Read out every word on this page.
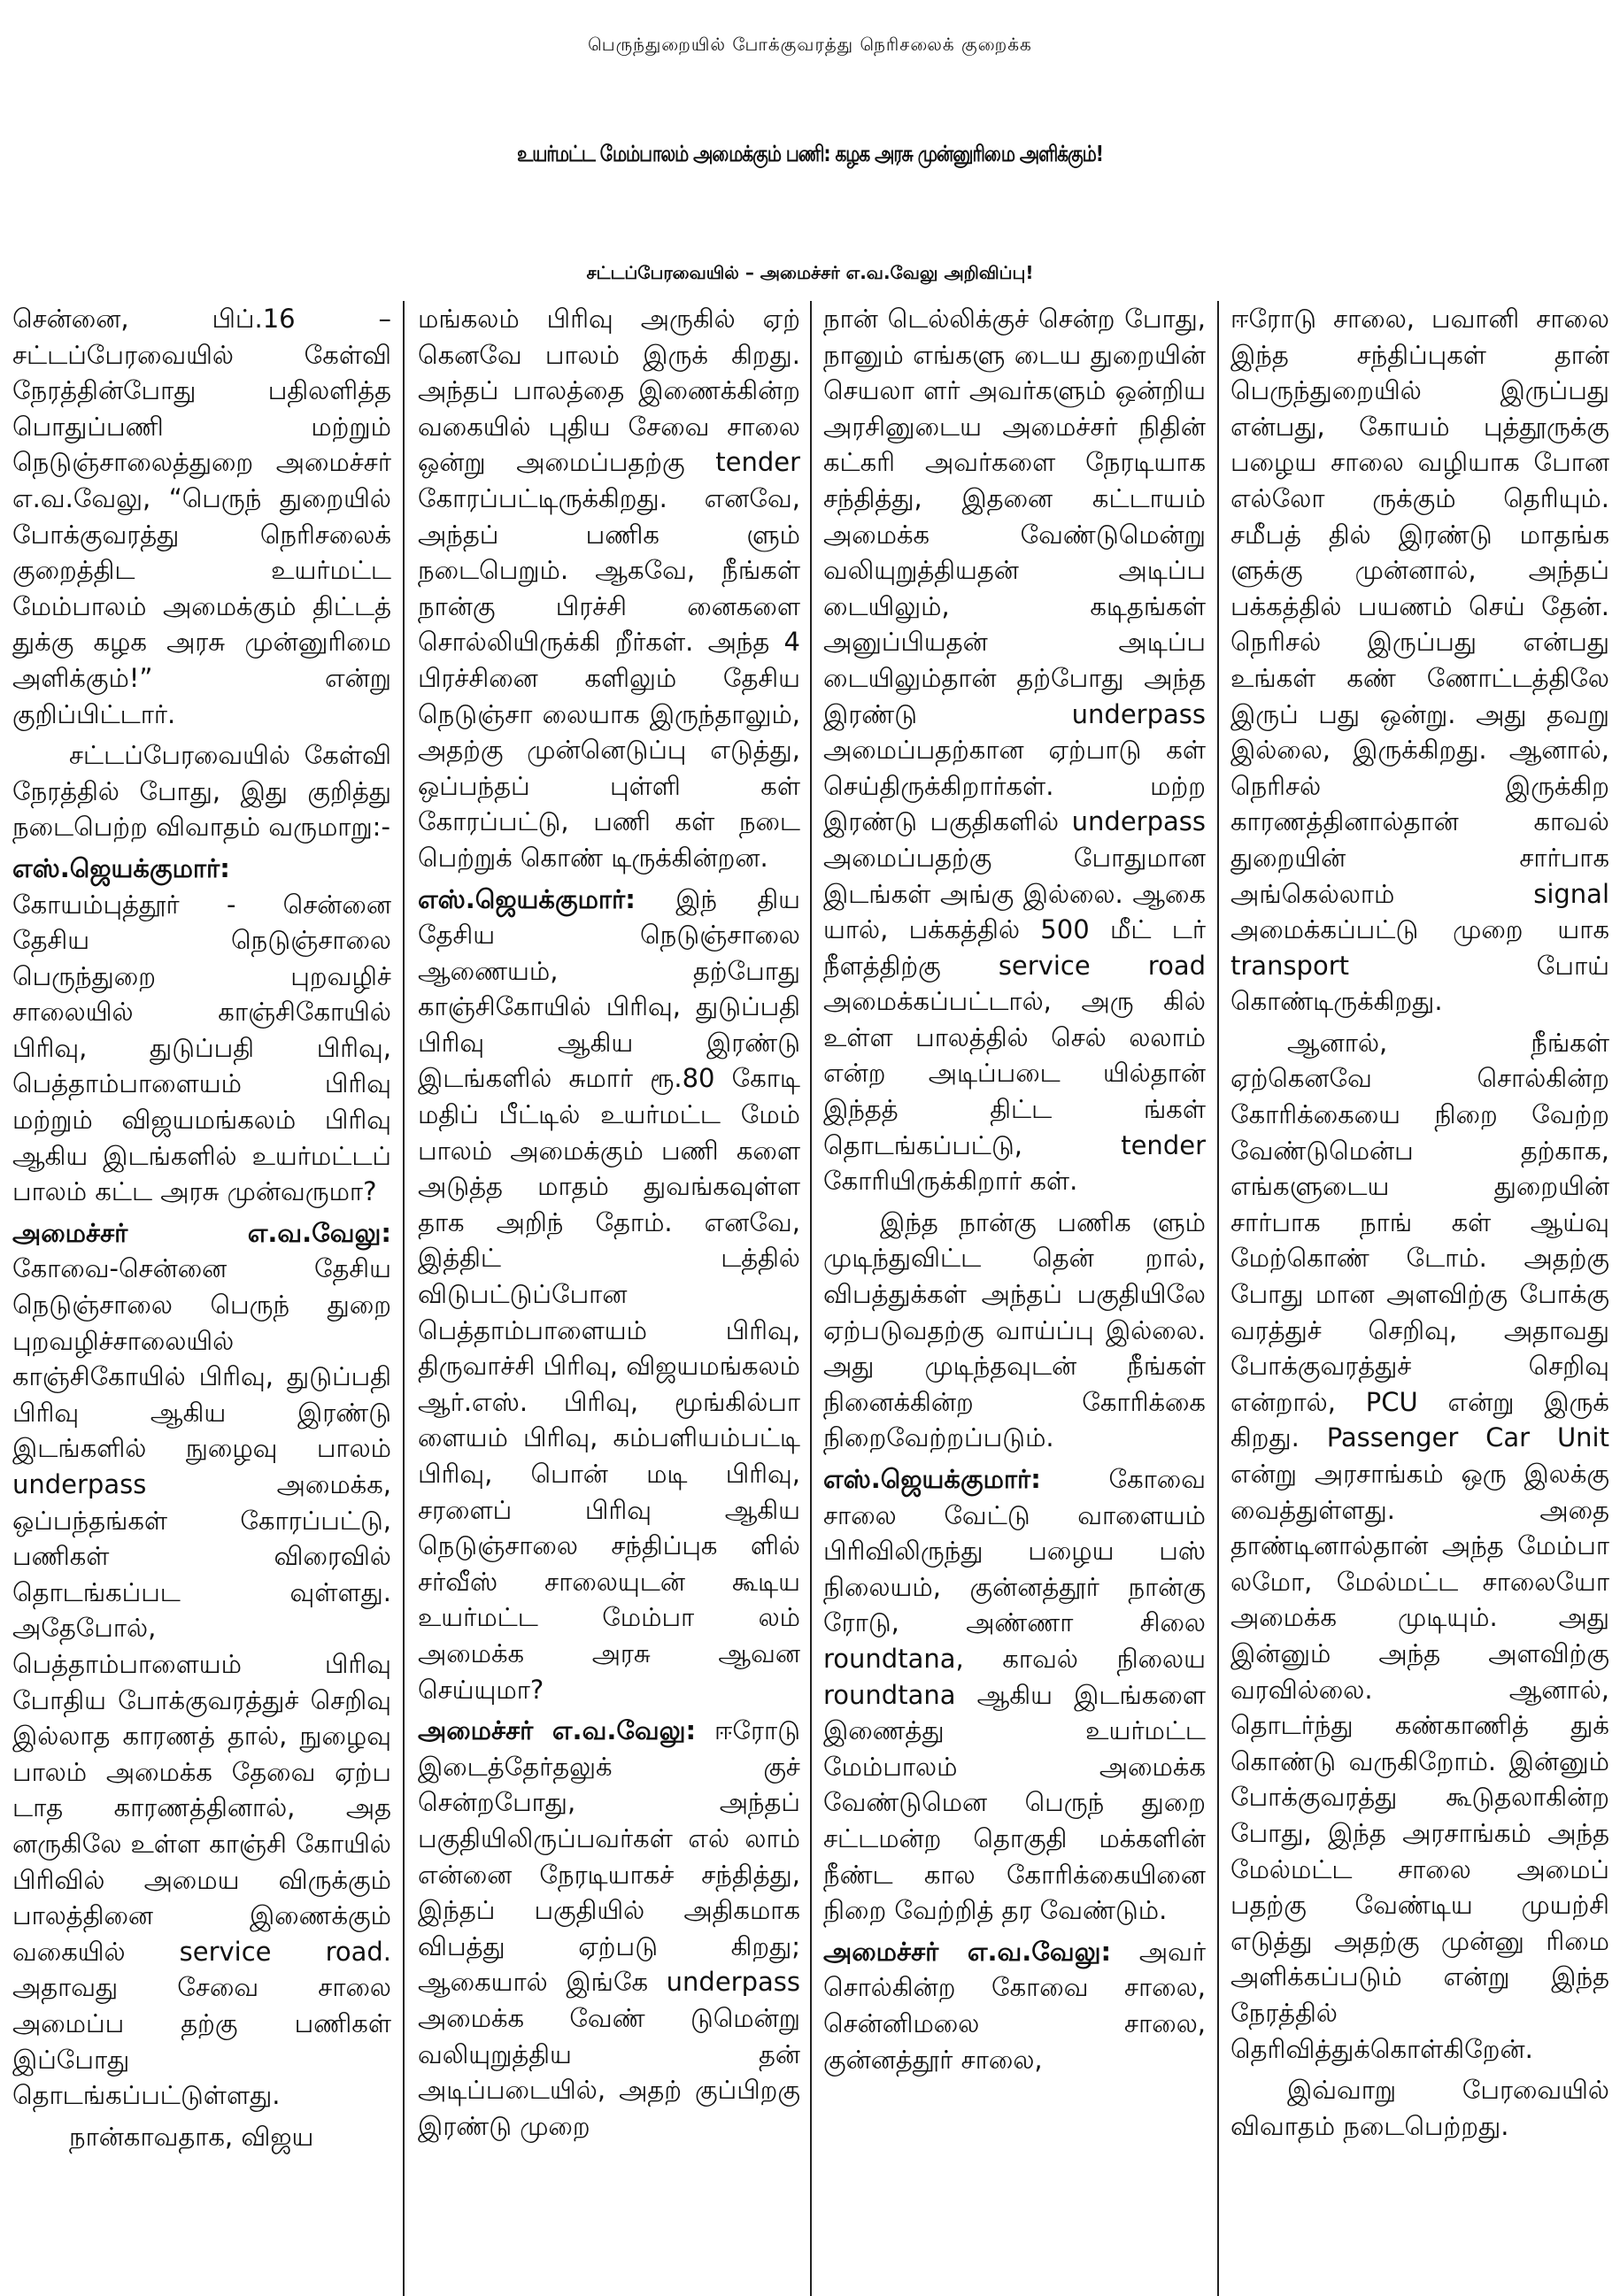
பெருந்துறையில் போக்குவரத்து நெரிசலைக் குறைக்க
உயர்மட்ட மேம்பாலம் அமைக்கும் பணி: கழக அரசு முன்னுரிமை அளிக்கும்!
சட்டப்பேரவையில் – அமைச்சர் எ.வ.வேலு அறிவிப்பு!

சென்னை, பிப்.16 – சட்டப்பேரவையில் கேள்வி நேரத்தின்போது பதிலளித்த பொதுப்பணி மற்றும் நெடுஞ்சாலைத்துறை அமைச்சர் எ.வ.வேலு, “பெருந் துறையில் போக்குவரத்து நெரிசலைக் குறைத்திட உயர்மட்ட மேம்பாலம் அமைக்கும் திட்டத் துக்கு கழக அரசு முன்னுரிமை அளிக்கும்!” என்று குறிப்பிட்டார்.

சட்டப்பேரவையில் கேள்வி நேரத்தில் போது, இது குறித்து நடைபெற்ற விவாதம் வருமாறு:-

எஸ்.ஜெயக்குமார்: கோயம்புத்தூர் - சென்னை தேசிய நெடுஞ்சாலை பெருந்துறை புறவழிச் சாலையில் காஞ்சிகோயில் பிரிவு, துடுப்பதி பிரிவு, பெத்தாம்பாளையம் பிரிவு மற்றும் விஜயமங்கலம் பிரிவு ஆகிய இடங்களில் உயர்மட்டப் பாலம் கட்ட அரசு முன்வருமா?

அமைச்சர் எ.வ.வேலு: கோவை-சென்னை தேசிய நெடுஞ்சாலை பெருந் துறை புறவழிச்சாலையில் காஞ்சிகோயில் பிரிவு, துடுப்பதி பிரிவு ஆகிய இரண்டு இடங்களில் நுழைவு பாலம் underpass அமைக்க, ஒப்பந்தங்கள் கோரப்பட்டு, பணிகள் விரைவில் தொடங்கப்பட வுள்ளது. அதேபோல், பெத்தாம்பாளையம் பிரிவு போதிய போக்குவரத்துச் செறிவு இல்லாத காரணத் தால், நுழைவு பாலம் அமைக்க தேவை ஏற்ப டாத காரணத்தினால், அத னருகிலே உள்ள காஞ்சி கோயில் பிரிவில் அமைய விருக்கும் பாலத்தினை இணைக்கும் வகையில் service road. அதாவது சேவை சாலை அமைப்ப தற்கு பணிகள் இப்போது தொடங்கப்பட்டுள்ளது.

நான்காவதாக, விஜய

மங்கலம் பிரிவு அருகில் ஏற் கெனவே பாலம் இருக் கிறது. அந்தப் பாலத்தை இணைக்கின்ற வகையில் புதிய சேவை சாலை ஒன்று அமைப்பதற்கு tender கோரப்பட்டிருக்கிறது. எனவே, அந்தப் பணிக ளும் நடைபெறும். ஆகவே, நீங்கள் நான்கு பிரச்சி னைகளை சொல்லியிருக்கி றீர்கள். அந்த 4 பிரச்சினை களிலும் தேசிய நெடுஞ்சா லையாக இருந்தாலும், அதற்கு முன்னெடுப்பு எடுத்து, ஒப்பந்தப் புள்ளி கள் கோரப்பட்டு, பணி கள் நடை பெற்றுக் கொண் டிருக்கின்றன.

எஸ்.ஜெயக்குமார்: இந் திய தேசிய நெடுஞ்சாலை ஆணையம், தற்போது காஞ்சிகோயில் பிரிவு, துடுப்பதி பிரிவு ஆகிய இரண்டு இடங்களில் சுமார் ரூ.80 கோடி மதிப் பீட்டில் உயர்மட்ட மேம் பாலம் அமைக்கும் பணி களை அடுத்த மாதம் துவங்கவுள்ள தாக அறிந் தோம். எனவே, இத்திட் டத்தில் விடுபட்டுப்போன பெத்தாம்பாளையம் பிரிவு, திருவாச்சி பிரிவு, விஜயமங்கலம் ஆர்.எஸ். பிரிவு, மூங்கில்பா ளையம் பிரிவு, கம்பளியம்பட்டி பிரிவு, பொன் மடி பிரிவு, சரளைப் பிரிவு ஆகிய நெடுஞ்சாலை சந்திப்புக ளில் சர்வீஸ் சாலையுடன் கூடிய உயர்மட்ட மேம்பா லம் அமைக்க அரசு ஆவன செய்யுமா?

அமைச்சர் எ.வ.வேலு: ஈரோடு இடைத்தேர்தலுக் குச் சென்றபோது, அந்தப் பகுதியிலிருப்பவர்கள் எல் லாம் என்னை நேரடியாகச் சந்தித்து, இந்தப் பகுதியில் அதிகமாக விபத்து ஏற்படு கிறது; ஆகையால் இங்கே underpass அமைக்க வேண் டுமென்று வலியுறுத்திய தன் அடிப்படையில், அதற் குப்பிறகு இரண்டு முறை

நான் டெல்லிக்குச் சென்ற போது, நானும் எங்களு டைய துறையின் செயலா ளர் அவர்களும் ஒன்றிய அரசினுடைய அமைச்சர் நிதின் கட்கரி அவர்களை நேரடியாக சந்தித்து, இதனை கட்டாயம் அமைக்க வேண்டுமென்று வலியுறுத்தியதன் அடிப்ப டையிலும், கடிதங்கள் அனுப்பியதன் அடிப்ப டையிலும்தான் தற்போது அந்த இரண்டு underpass அமைப்பதற்கான ஏற்பாடு கள் செய்திருக்கிறார்கள். மற்ற இரண்டு பகுதிகளில் underpass அமைப்பதற்கு போதுமான இடங்கள் அங்கு இல்லை. ஆகை யால், பக்கத்தில் 500 மீட் டர் நீளத்திற்கு service road அமைக்கப்பட்டால், அரு கில் உள்ள பாலத்தில் செல் லலாம் என்ற அடிப்படை யில்தான் இந்தத் திட்ட ங்கள் தொடங்கப்பட்டு, tender கோரியிருக்கிறார் கள்.

இந்த நான்கு பணிக ளும் முடிந்துவிட்ட தென் றால், விபத்துக்கள் அந்தப் பகுதியிலே ஏற்படுவதற்கு வாய்ப்பு இல்லை. அது முடிந்தவுடன் நீங்கள் நினைக்கின்ற கோரிக்கை நிறைவேற்றப்படும்.

எஸ்.ஜெயக்குமார்:	கோவை சாலை வேட்டு வாளையம் பிரிவிலிருந்து பழைய பஸ் நிலையம், குன்னத்தூர் நான்கு ரோடு, அண்ணா சிலை roundtana, காவல் நிலைய roundtana ஆகிய இடங்களை இணைத்து உயர்மட்ட மேம்பாலம் அமைக்க வேண்டுமென பெருந் துறை சட்டமன்ற தொகுதி மக்களின் நீண்ட கால கோரிக்கையினை நிறை வேற்றித் தர வேண்டும்.

அமைச்சர் எ.வ.வேலு: அவர் சொல்கின்ற கோவை சாலை, சென்னிமலை சாலை, குன்னத்தூர் சாலை,

ஈரோடு சாலை, பவானி சாலை இந்த சந்திப்புகள் தான் பெருந்துறையில் இருப்பது என்பது, கோயம் புத்தூருக்கு பழைய சாலை வழியாக போன எல்லோ ருக்கும் தெரியும். சமீபத் தில் இரண்டு மாதங்க ளுக்கு முன்னால், அந்தப் பக்கத்தில் பயணம் செய் தேன். நெரிசல் இருப்பது என்பது உங்கள் கண் ணோட்டத்திலே இருப் பது ஒன்று. அது தவறு இல்லை, இருக்கிறது. ஆனால், நெரிசல் இருக்கிற காரணத்தினால்தான் காவல் துறையின் சார்பாக அங்கெல்லாம் signal அமைக்கப்பட்டு முறை யாக transport போய் கொண்டிருக்கிறது.

ஆனால், நீங்கள் ஏற்கெனவே சொல்கின்ற கோரிக்கையை நிறை வேற்ற வேண்டுமென்ப தற்காக, எங்களுடைய துறையின் சார்பாக நாங் கள் ஆய்வு மேற்கொண் டோம். அதற்கு போது மான அளவிற்கு போக்கு வரத்துச் செறிவு, அதாவது போக்குவரத்துச் செறிவு என்றால், PCU என்று இருக் கிறது. Passenger Car Unit என்று அரசாங்கம் ஒரு இலக்கு வைத்துள்ளது. அதை தாண்டினால்தான் அந்த மேம்பா லமோ, மேல்மட்ட சாலையோ அமைக்க முடியும். அது இன்னும் அந்த அளவிற்கு வரவில்லை. ஆனால், தொடர்ந்து கண்காணித் துக் கொண்டு வருகிறோம். இன்னும் போக்குவரத்து கூடுதலாகின்ற போது, இந்த அரசாங்கம் அந்த மேல்மட்ட சாலை அமைப் பதற்கு வேண்டிய முயற்சி எடுத்து அதற்கு முன்னு ரிமை அளிக்கப்படும் என்று இந்த நேரத்தில் தெரிவித்துக்கொள்கிறேன்.

இவ்வாறு பேரவையில் விவாதம் நடைபெற்றது.
